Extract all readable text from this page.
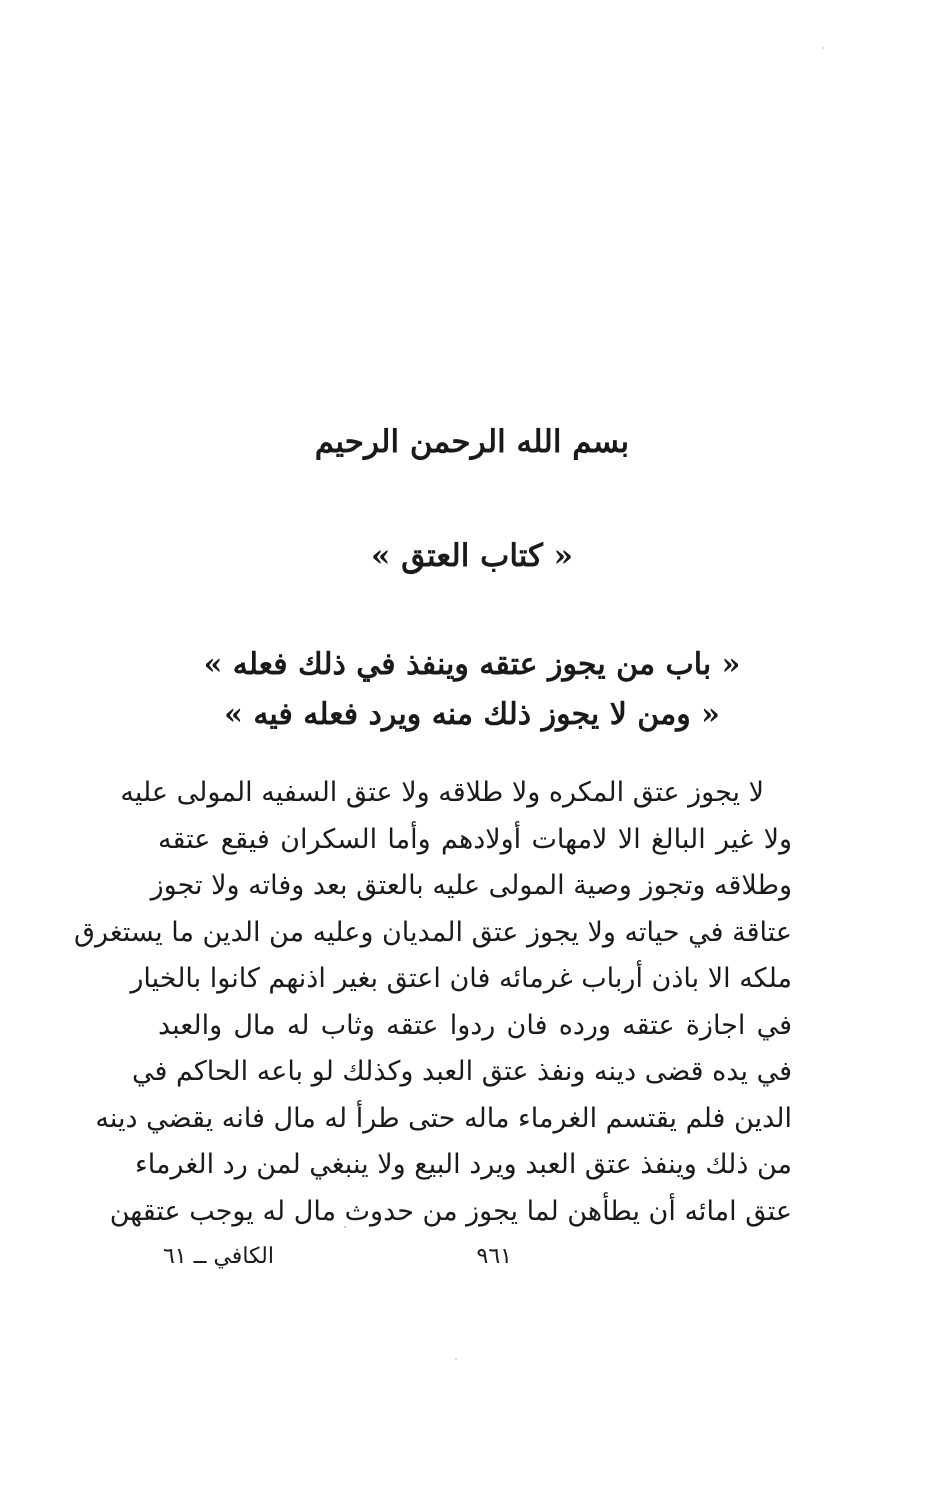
بسم الله الرحمن الرحيم
« كتاب العتق »
« باب من يجوز عتقه وينفذ في ذلك فعله »
« ومن لا يجوز ذلك منه ويرد فعله فيه »
لا يجوز عتق المكره ولا طلاقه ولا عتق السفيه المولى عليه
ولا غير البالغ الا لامهات أولادهم وأما السكران فيقع عتقه
وطلاقه وتجوز وصية المولى عليه بالعتق بعد وفاته ولا تجوز
عتاقة في حياته ولا يجوز عتق المديان وعليه من الدين ما يستغرق
ملكه الا باذن أرباب غرمائه فان اعتق بغير اذنهم كانوا بالخيار
في اجازة عتقه ورده فان ردوا عتقه وثاب له مال والعبد
في يده قضى دينه ونفذ عتق العبد وكذلك لو باعه الحاكم في
الدين فلم يقتسم الغرماء ماله حتى طرأ له مال فانه يقضي دينه
من ذلك وينفذ عتق العبد ويرد البيع ولا ينبغي لمن رد الغرماء
عتق امائه أن يطأهن لما يجوز من حدوث مال له يوجب عتقهن
٩٦١
الكافي ــ ٦١
